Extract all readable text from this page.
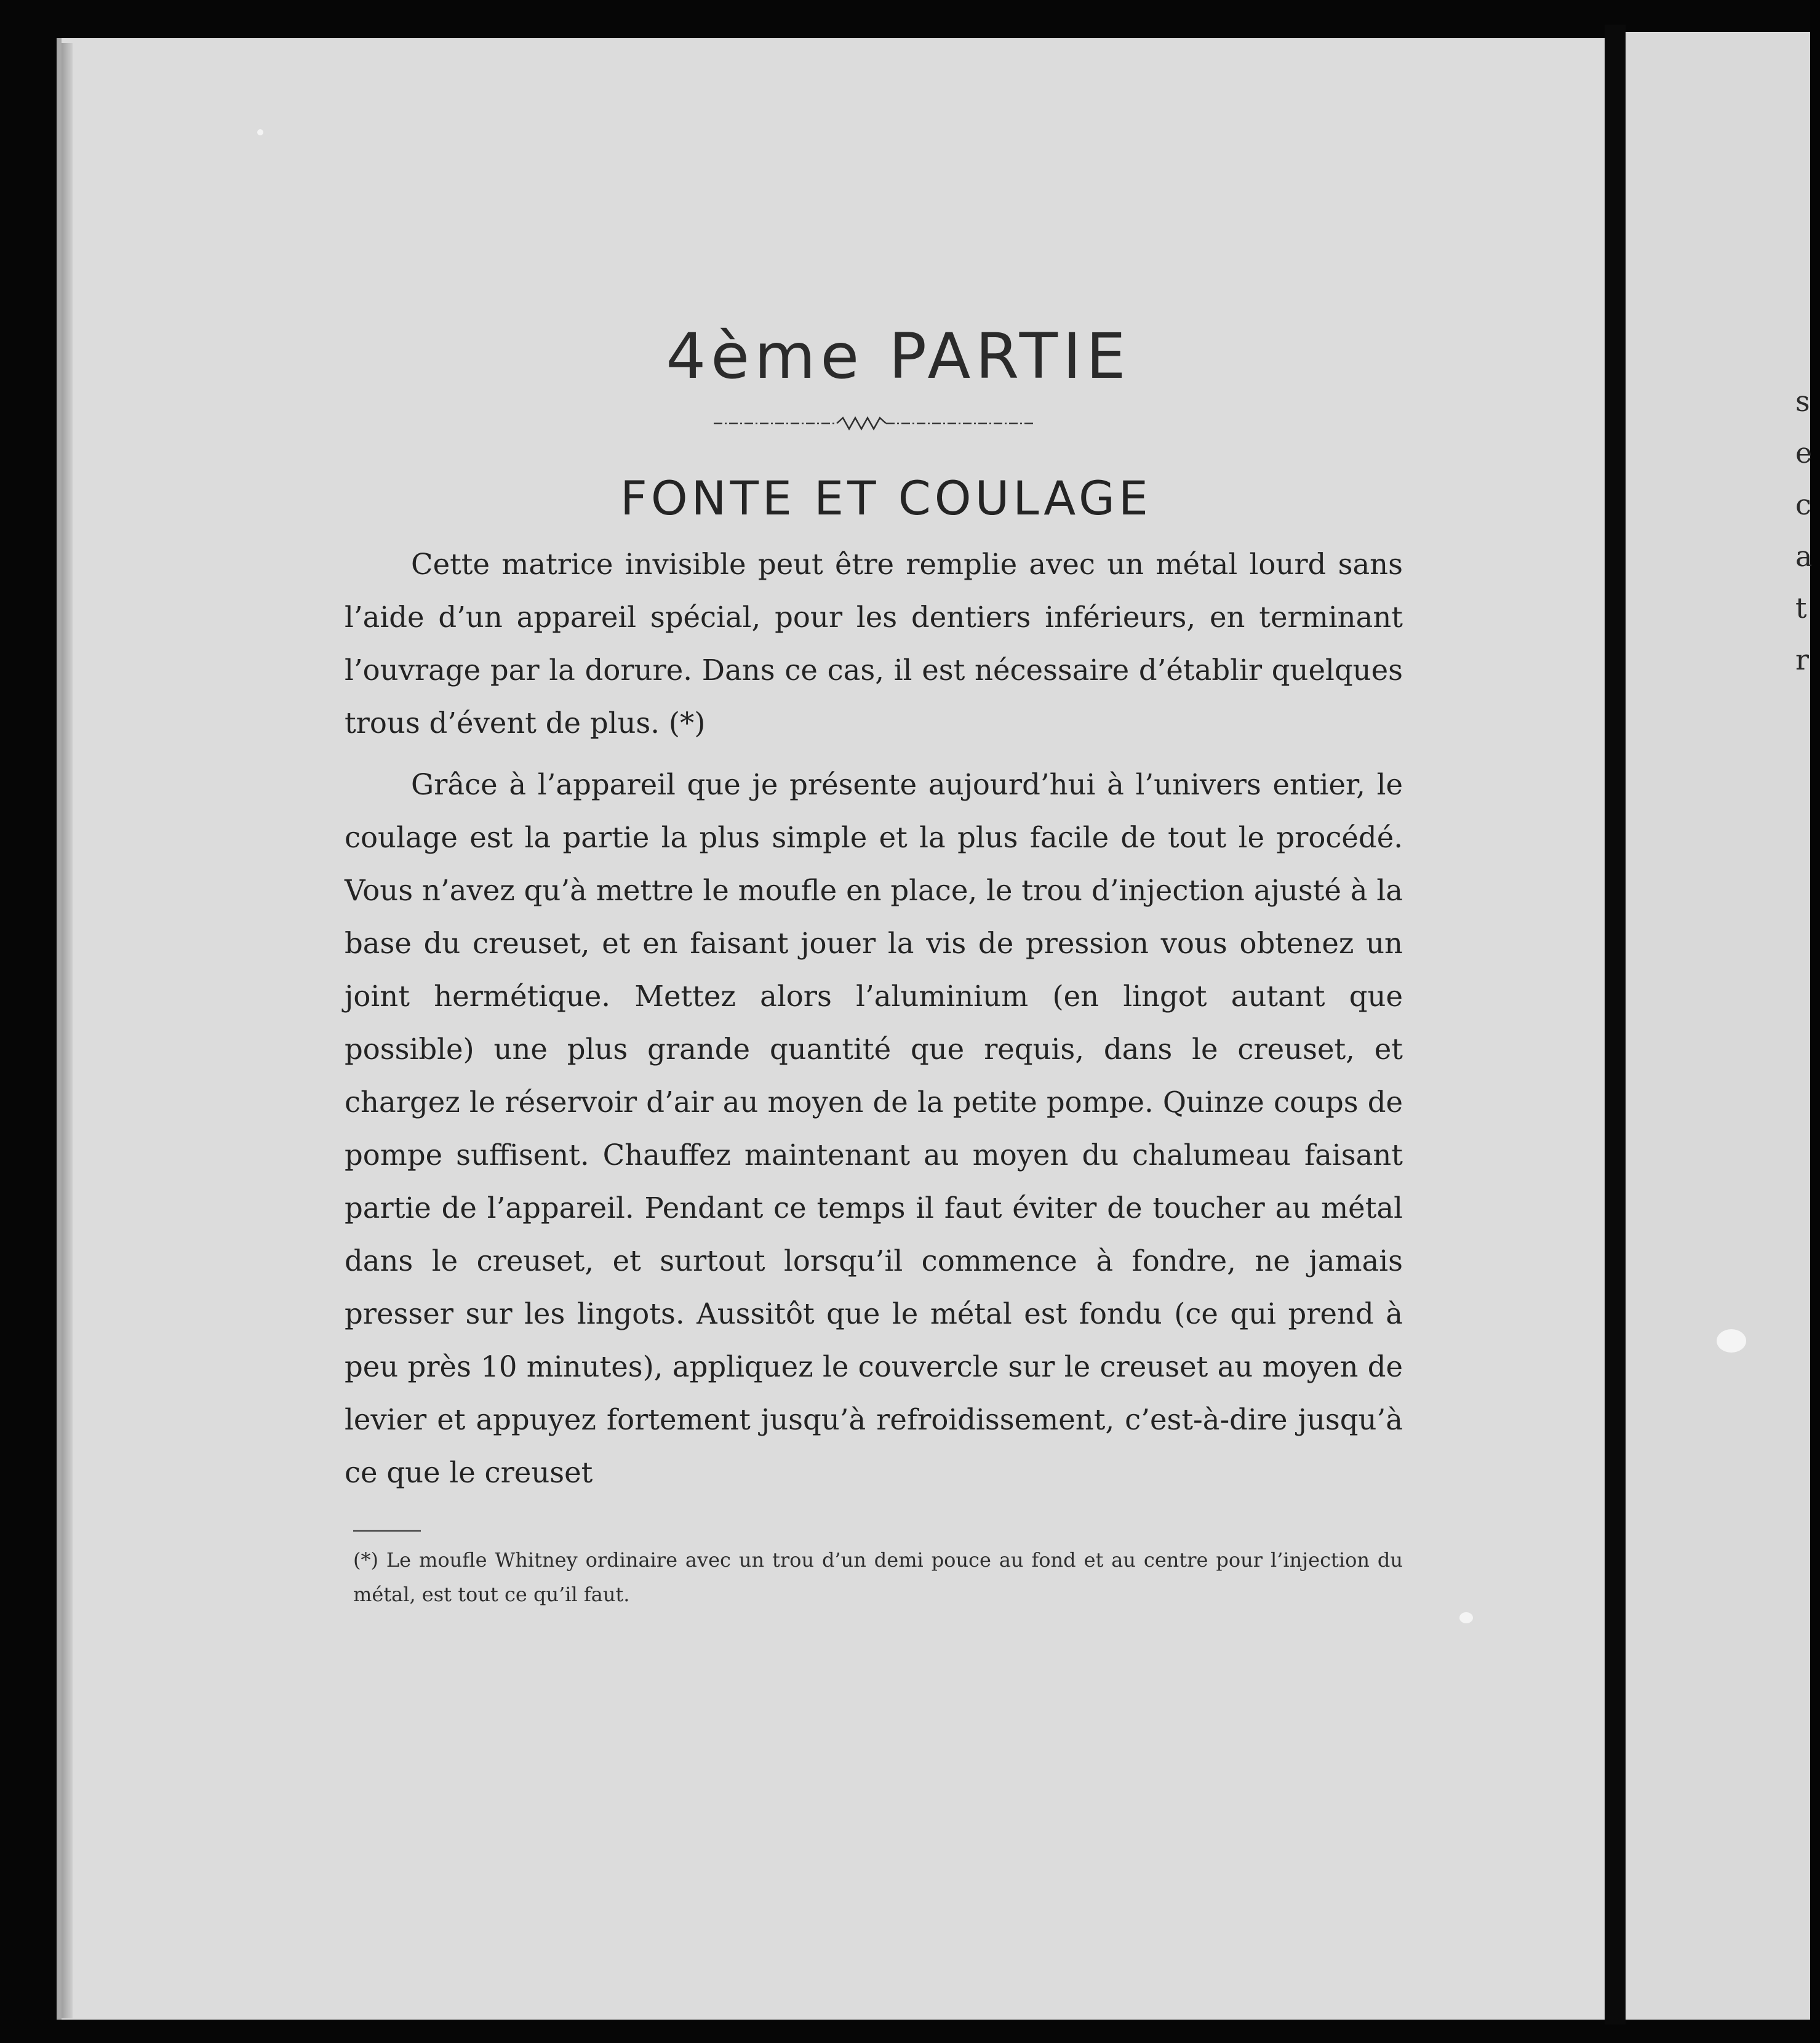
s
e
c
a
t
r
4ème PARTIE
FONTE ET COULAGE

Cette matrice invisible peut être remplie avec un métal lourd sans l’aide d’un appareil spécial, pour les dentiers inférieurs, en terminant l’ouvrage par la dorure. Dans ce cas, il est nécessaire d’établir quelques trous d’évent de plus. (*)

Grâce à l’appareil que je présente aujourd’hui à l’univers entier, le coulage est la partie la plus simple et la plus facile de tout le procédé. Vous n’avez qu’à mettre le moufle en place, le trou d’injection ajusté à la base du creuset, et en faisant jouer la vis de pression vous obtenez un joint hermétique. Mettez alors l’aluminium (en lingot autant que possible) une plus grande quantité que requis, dans le creuset, et chargez le réservoir d’air au moyen de la petite pompe. Quinze coups de pompe suffisent. Chauffez maintenant au moyen du chalumeau faisant partie de l’appareil. Pendant ce temps il faut éviter de toucher au métal dans le creuset, et surtout lorsqu’il commence à fondre, ne jamais presser sur les lingots. Aussitôt que le métal est fondu (ce qui prend à peu près 10 minutes), appliquez le couvercle sur le creuset au moyen de levier et appuyez fortement jusqu’à refroidissement, c’est-à-dire jusqu’à ce que le creuset

(*) Le moufle Whitney ordinaire avec un trou d’un demi pouce au fond et au centre pour l’injection du métal, est tout ce qu’il faut.
